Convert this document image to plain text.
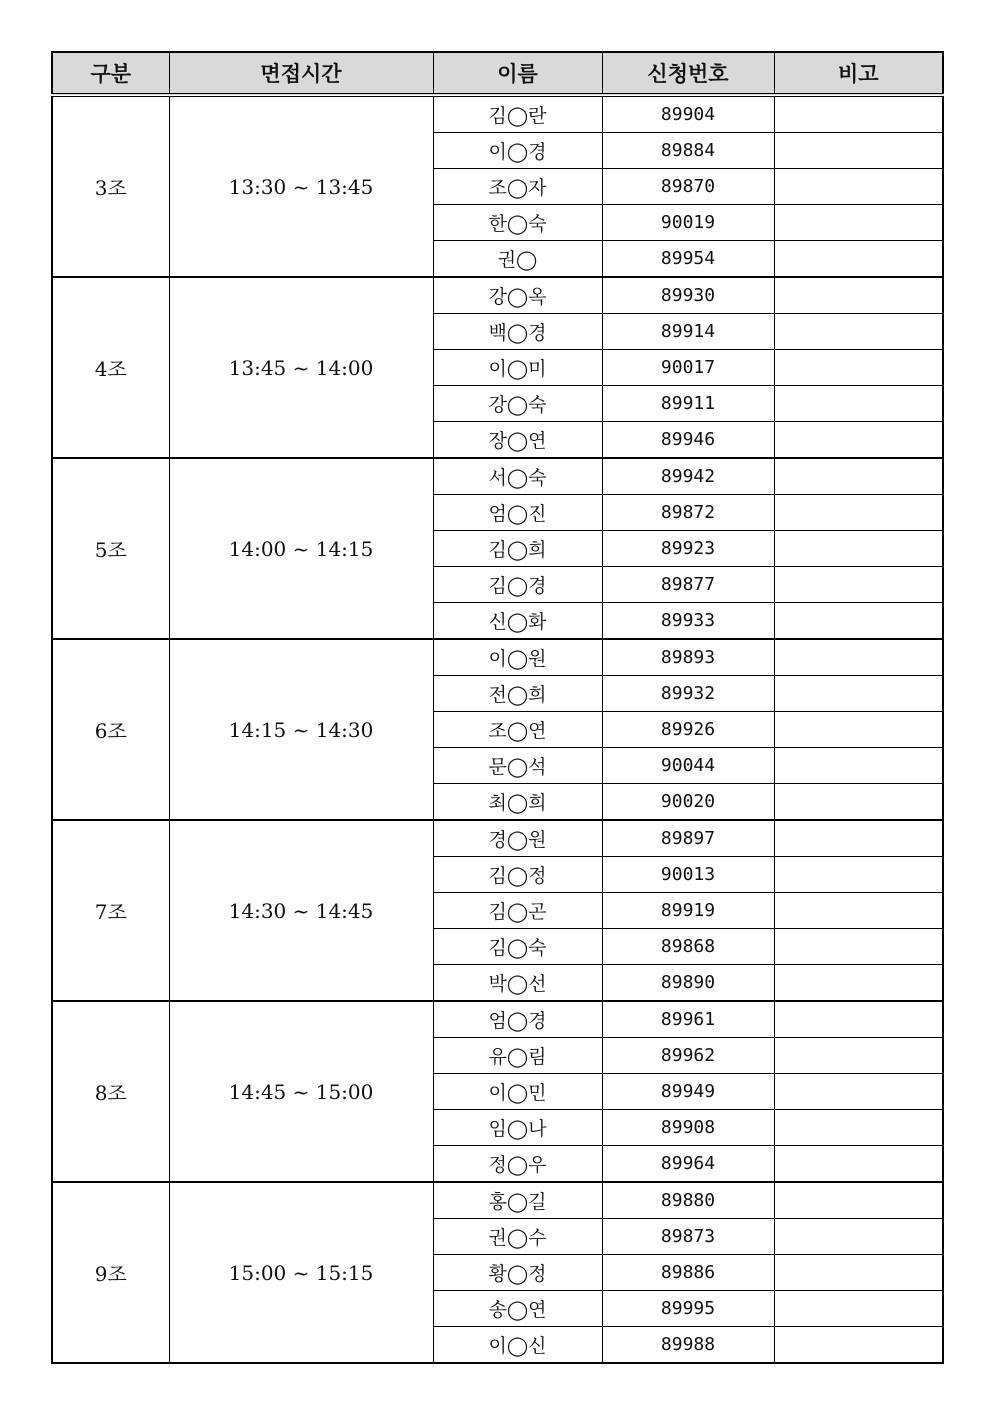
구분	면접시간	이름	신청번호	비고
3조	13:30 ~ 13:45	김◯란	89904	
		이◯경	89884	
		조◯자	89870	
		한◯숙	90019	
		권◯	89954	
4조	13:45 ~ 14:00	강◯옥	89930	
		백◯경	89914	
		이◯미	90017	
		강◯숙	89911	
		장◯연	89946	
5조	14:00 ~ 14:15	서◯숙	89942	
		엄◯진	89872	
		김◯희	89923	
		김◯경	89877	
		신◯화	89933	
6조	14:15 ~ 14:30	이◯원	89893	
		전◯희	89932	
		조◯연	89926	
		문◯석	90044	
		최◯희	90020	
7조	14:30 ~ 14:45	경◯원	89897	
		김◯정	90013	
		김◯곤	89919	
		김◯숙	89868	
		박◯선	89890	
8조	14:45 ~ 15:00	엄◯경	89961	
		유◯림	89962	
		이◯민	89949	
		임◯나	89908	
		정◯우	89964	
9조	15:00 ~ 15:15	홍◯길	89880	
		권◯수	89873	
		황◯정	89886	
		송◯연	89995	
		이◯신	89988	
